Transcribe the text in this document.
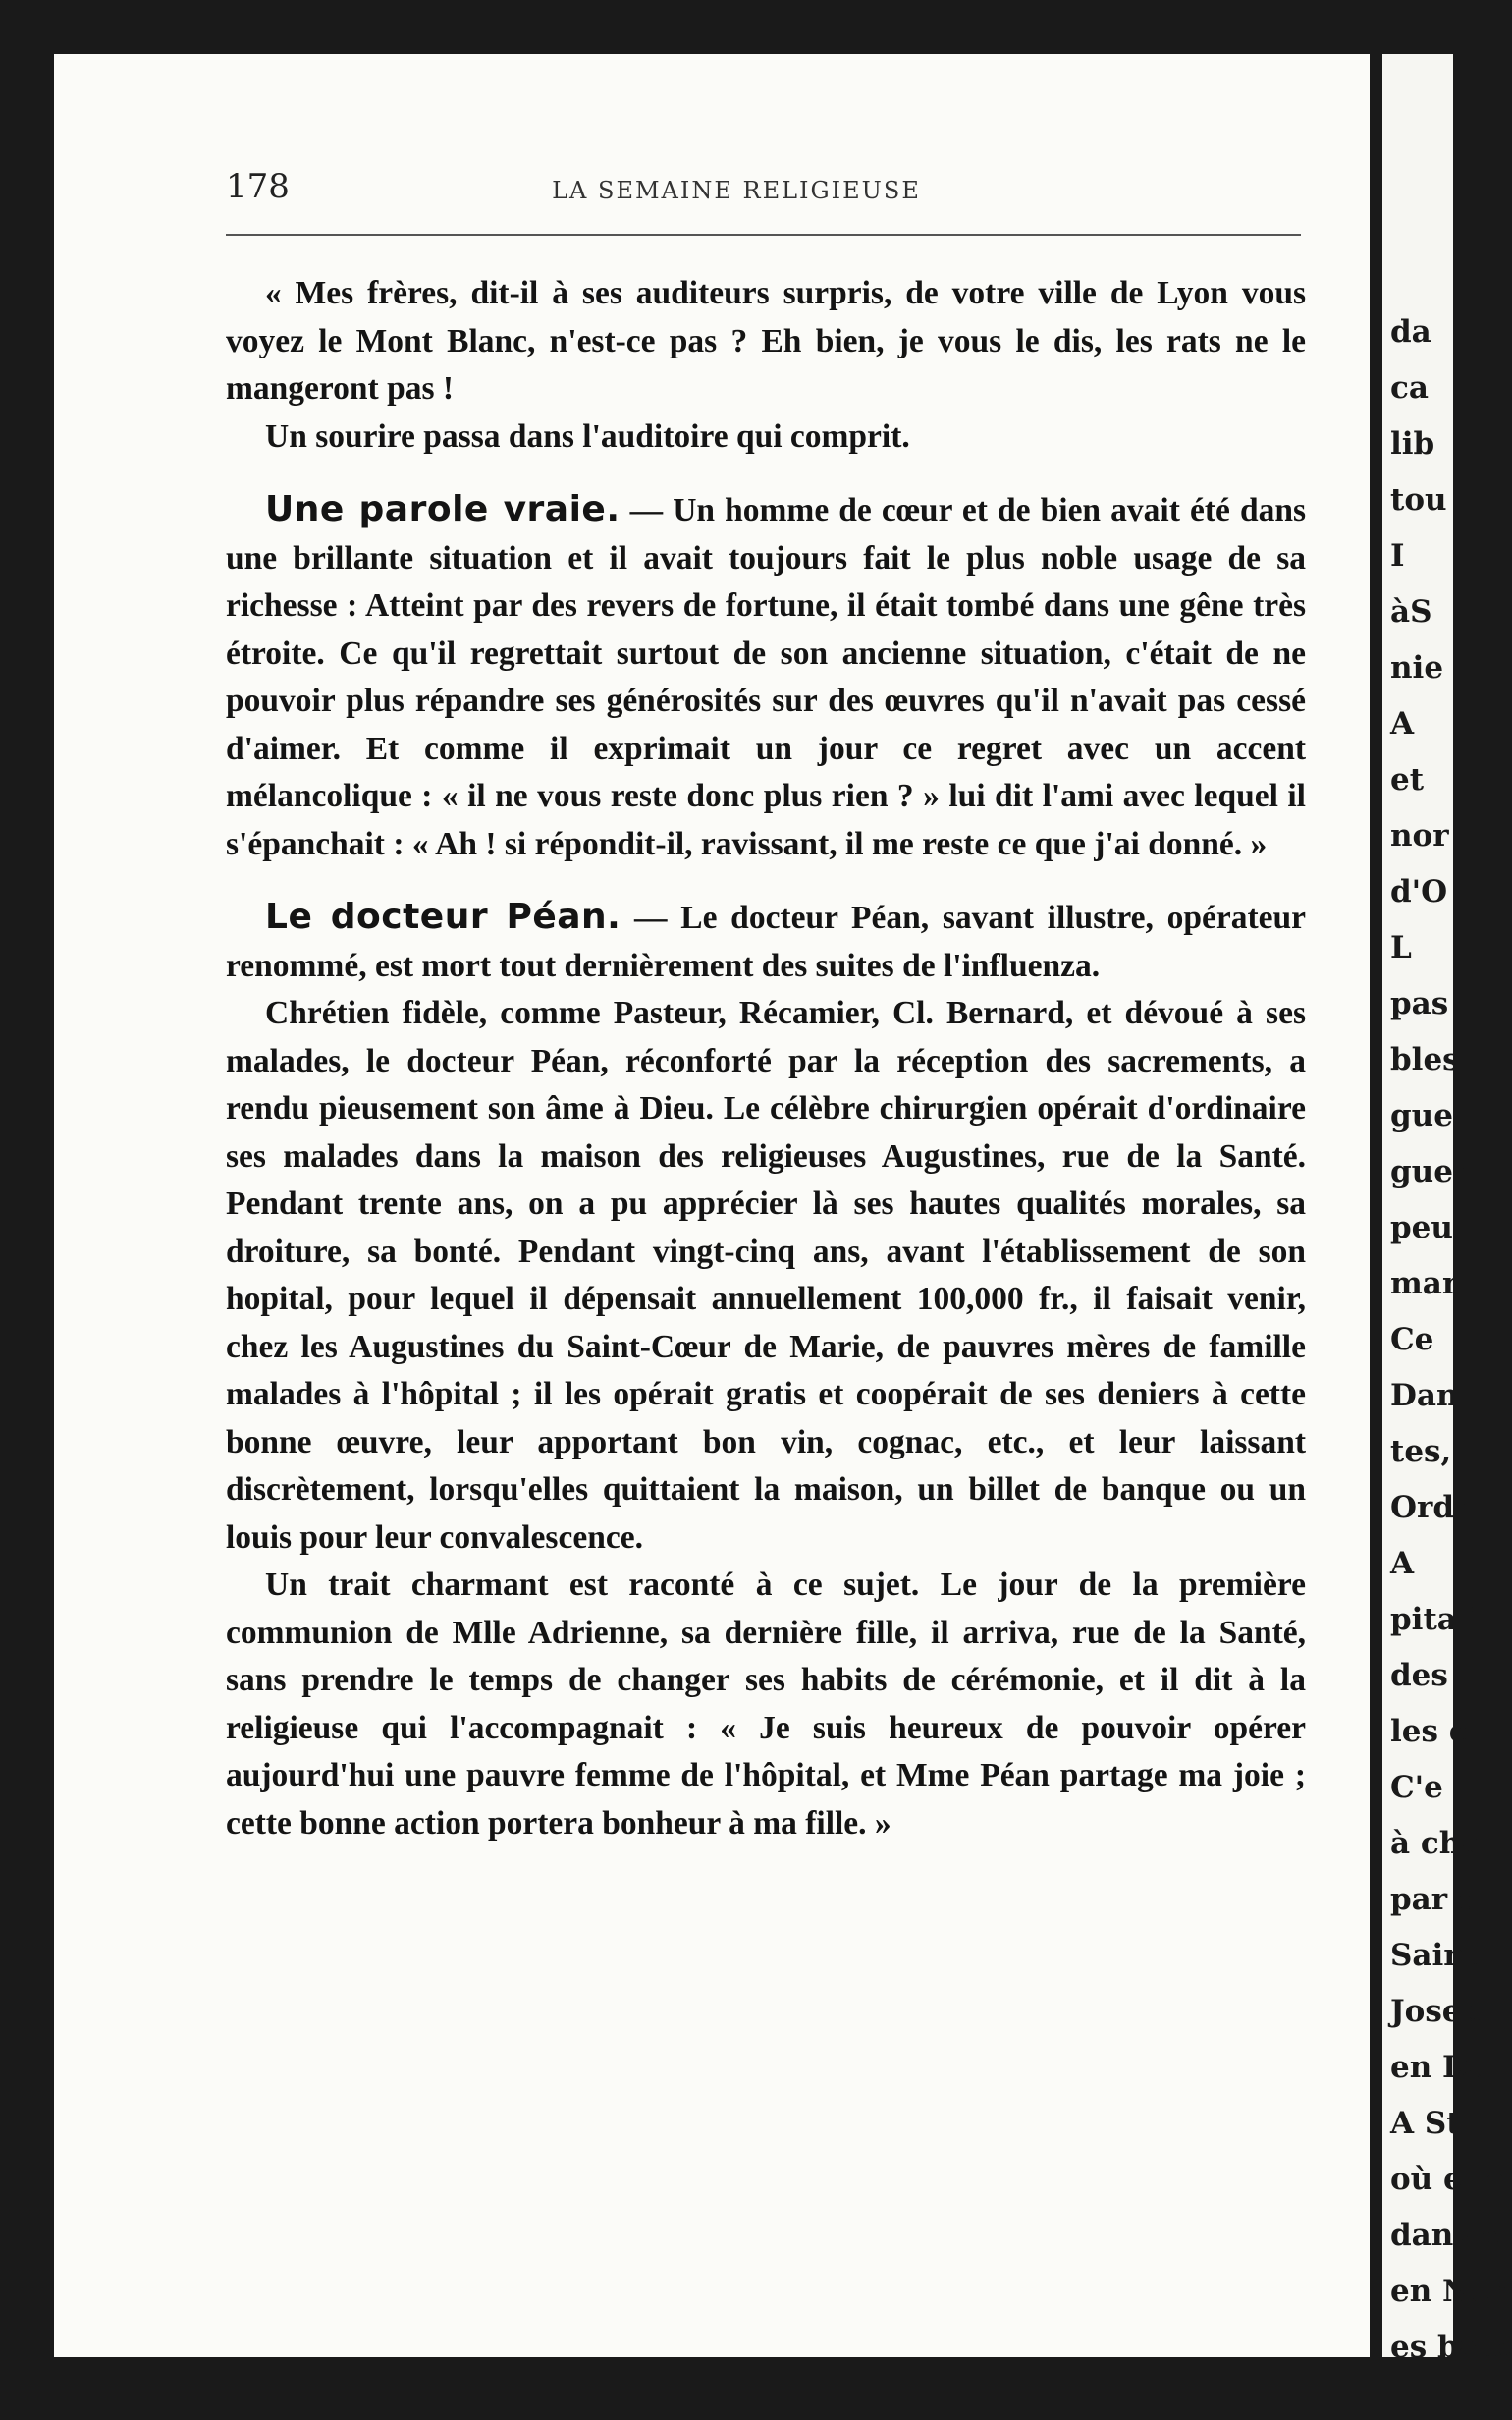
da
ca
lib
tou
I
àS
nie
A
et
nor
d'O
L
pas
bles
gue
guer
peut
man
Ce
Dan
tes,
Ordr
A
pitali
des
les e
C'e
à cha
par d
Saint
Josep
en Da
A St
où elle
dans c
en Nor
es bate
178	LA SEMAINE RELIGIEUSE

« Mes frères, dit-il à ses auditeurs surpris, de votre ville de Lyon vous voyez le Mont Blanc, n'est-ce pas ? Eh bien, je vous le dis, les rats ne le mangeront pas !

Un sourire passa dans l'auditoire qui comprit.

Une parole vraie. — Un homme de cœur et de bien avait été dans une brillante situation et il avait toujours fait le plus noble usage de sa richesse : Atteint par des revers de fortune, il était tombé dans une gêne très étroite. Ce qu'il regrettait surtout de son ancienne situation, c'était de ne pouvoir plus répandre ses générosités sur des œuvres qu'il n'avait pas cessé d'aimer. Et comme il exprimait un jour ce regret avec un accent mélancolique : « il ne vous reste donc plus rien ? » lui dit l'ami avec lequel il s'épanchait : « Ah ! si répondit-il, ravissant, il me reste ce que j'ai donné. »

Le docteur Péan. — Le docteur Péan, savant illustre, opérateur renommé, est mort tout dernièrement des suites de l'influenza.

Chrétien fidèle, comme Pasteur, Récamier, Cl. Bernard, et dévoué à ses malades, le docteur Péan, réconforté par la réception des sacrements, a rendu pieusement son âme à Dieu. Le célèbre chirurgien opérait d'ordinaire ses malades dans la maison des religieuses Augustines, rue de la Santé. Pendant trente ans, on a pu apprécier là ses hautes qualités morales, sa droiture, sa bonté. Pendant vingt-cinq ans, avant l'établissement de son hopital, pour lequel il dépensait annuellement 100,000 fr., il faisait venir, chez les Augustines du Saint-Cœur de Marie, de pauvres mères de famille malades à l'hôpital ; il les opérait gratis et coopérait de ses deniers à cette bonne œuvre, leur apportant bon vin, cognac, etc., et leur laissant discrètement, lorsqu'elles quittaient la maison, un billet de banque ou un louis pour leur convalescence.

Un trait charmant est raconté à ce sujet. Le jour de la première communion de Mlle Adrienne, sa dernière fille, il arriva, rue de la Santé, sans prendre le temps de changer ses habits de cérémonie, et il dit à la religieuse qui l'accompagnait : « Je suis heureux de pouvoir opérer aujourd'hui une pauvre femme de l'hôpital, et Mme Péan partage ma joie ; cette bonne action portera bonheur à ma fille. »
